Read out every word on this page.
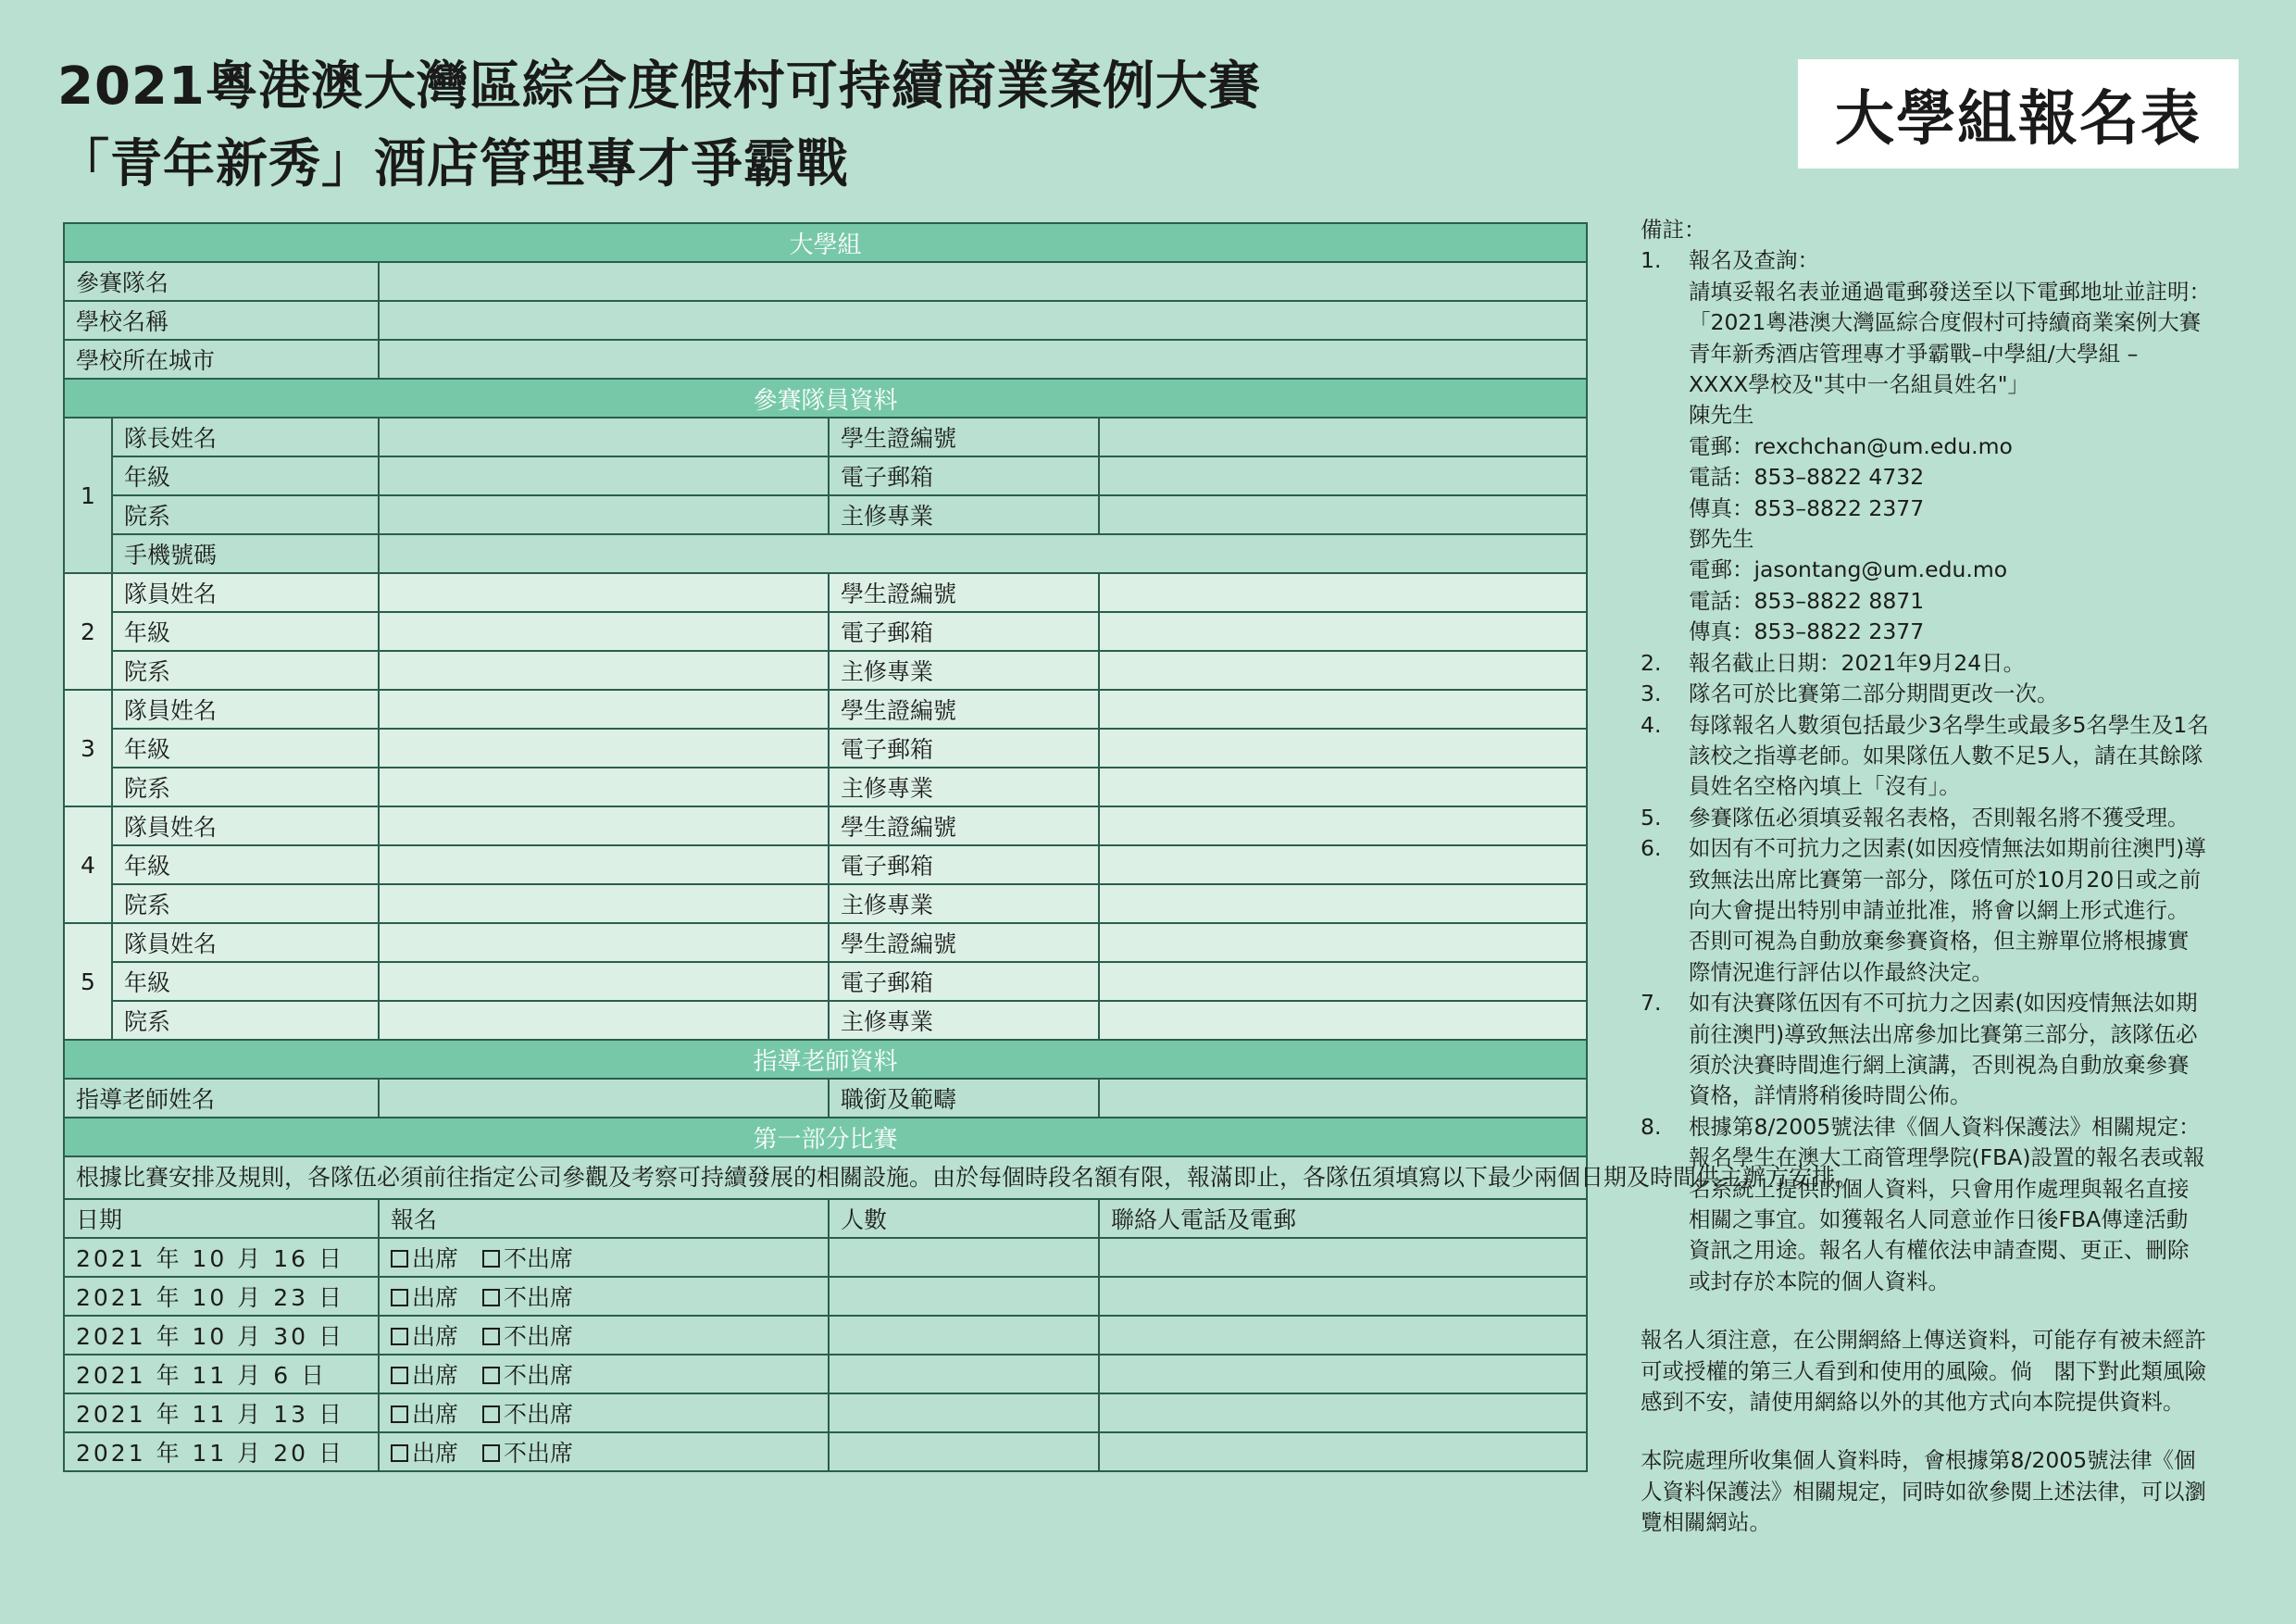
2021粵港澳大灣區綜合度假村可持續商業案例大賽
「青年新秀」酒店管理專才爭霸戰
大學組報名表
大學組				
參賽隊名				
學校名稱				
學校所在城市				
參賽隊員資料				
1	隊長姓名		學生證編號	
	年級		電子郵箱	
	院系		主修專業	
	手機號碼			
2	隊員姓名		學生證編號	
	年級		電子郵箱	
	院系		主修專業	
3	隊員姓名		學生證編號	
	年級		電子郵箱	
	院系		主修專業	
4	隊員姓名		學生證編號	
	年級		電子郵箱	
	院系		主修專業	
5	隊員姓名		學生證編號	
	年級		電子郵箱	
	院系		主修專業	
指導老師資料				
指導老師姓名			職銜及範疇	
第一部分比賽				
根據比賽安排及規則，各隊伍必須前往指定公司參觀及考察可持續發展的相關設施。由於每個時段名額有限，報滿即止，各隊伍須填寫以下最少兩個日期及時間供主辦方安排。				
日期		報名	人數	聯絡人電話及電郵
2021 年 10 月 16 日		出席 不出席		
2021 年 10 月 23 日		出席 不出席		
2021 年 10 月 30 日		出席 不出席		
2021 年 11 月 6 日		出席 不出席		
2021 年 11 月 13 日		出席 不出席		
2021 年 11 月 20 日		出席 不出席		
備註：
1. 報名及查詢：
請填妥報名表並通過電郵發送至以下電郵地址並註明：
「2021粵港澳大灣區綜合度假村可持續商業案例大賽
青年新秀酒店管理專才爭霸戰–中學組/大學組 –
XXXX學校及"其中一名組員姓名"」
陳先生
電郵：rexchchan@um.edu.mo
電話：853–8822 4732
傳真：853–8822 2377
鄧先生
電郵：jasontang@um.edu.mo
電話：853–8822 8871
傳真：853–8822 2377
2. 報名截止日期：2021年9月24日。
3. 隊名可於比賽第二部分期間更改一次。
4. 每隊報名人數須包括最少3名學生或最多5名學生及1名
該校之指導老師。如果隊伍人數不足5人，請在其餘隊
員姓名空格內填上「沒有」。
5. 參賽隊伍必須填妥報名表格，否則報名將不獲受理。
6. 如因有不可抗力之因素(如因疫情無法如期前往澳門)導
致無法出席比賽第一部分，隊伍可於10月20日或之前
向大會提出特別申請並批准，將會以網上形式進行。
否則可視為自動放棄參賽資格，但主辦單位將根據實
際情況進行評估以作最終決定。
7. 如有決賽隊伍因有不可抗力之因素(如因疫情無法如期
前往澳門)導致無法出席參加比賽第三部分，該隊伍必
須於決賽時間進行網上演講，否則視為自動放棄參賽
資格，詳情將稍後時間公佈。
8. 根據第8/2005號法律《個人資料保護法》相關規定：
報名學生在澳大工商管理學院(FBA)設置的報名表或報
名系統上提供的個人資料，只會用作處理與報名直接
相關之事宜。如獲報名人同意並作日後FBA傳達活動
資訊之用途。報名人有權依法申請查閱、更正、刪除
或封存於本院的個人資料。

報名人須注意，在公開網絡上傳送資料，可能存有被未經許
可或授權的第三人看到和使用的風險。倘　閣下對此類風險
感到不安，請使用網絡以外的其他方式向本院提供資料。

本院處理所收集個人資料時，會根據第8/2005號法律《個
人資料保護法》相關規定，同時如欲參閱上述法律，可以瀏
覽相關網站。
